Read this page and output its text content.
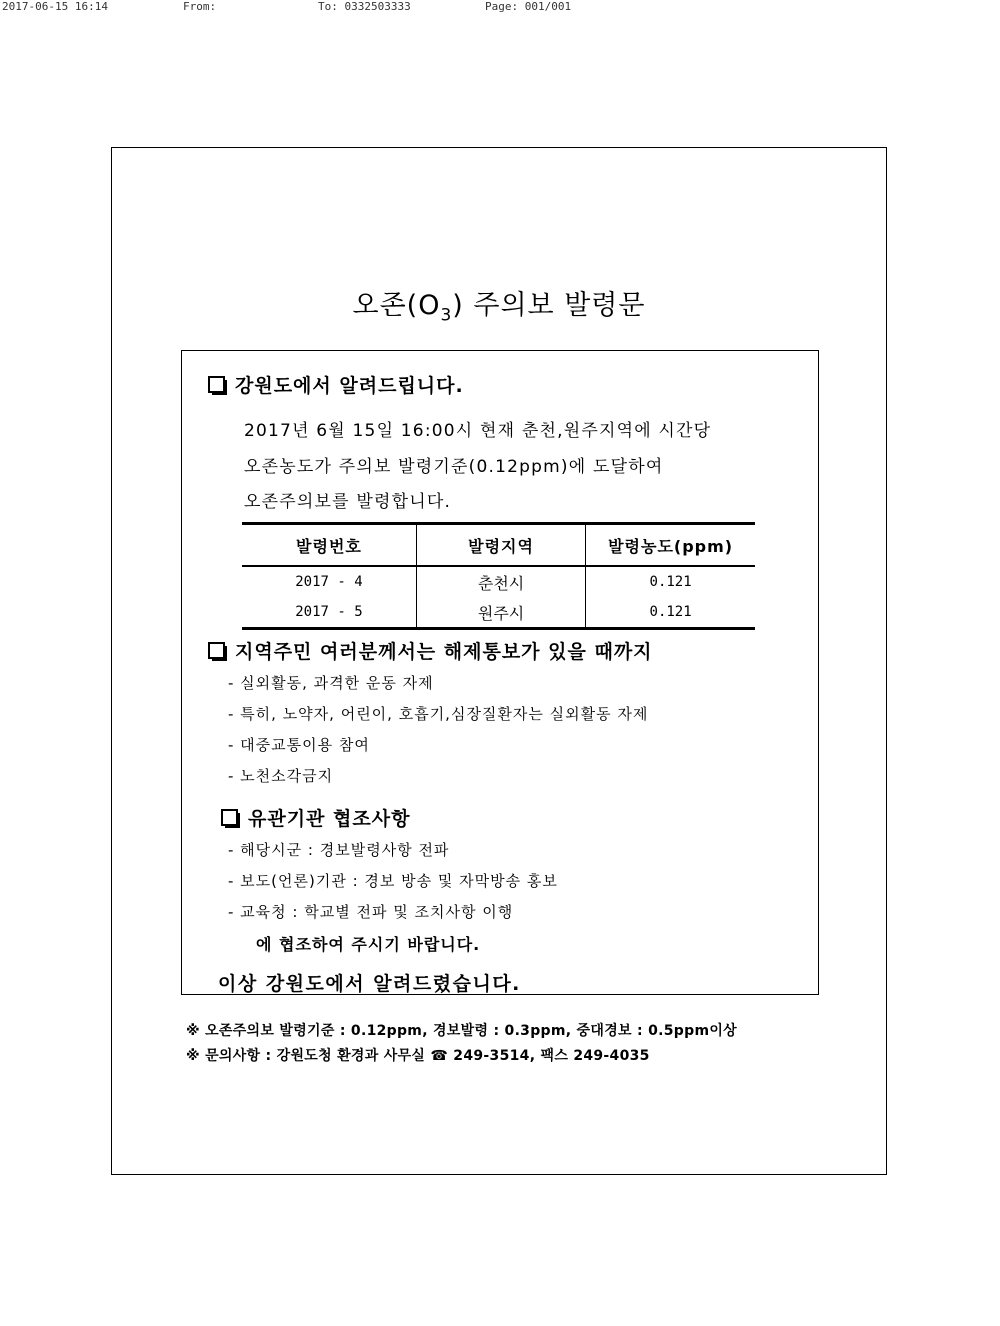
2017-06-15 16:14	From:	To: 0332503333	Page: 001/001
오존$(O_3)$ 주의보 발령문
강원도에서 알려드립니다.
2017년 6월 15일 16:00시 현재 춘천,원주지역에 시간당
오존농도가 주의보 발령기준(0.12ppm)에 도달하여
오존주의보를 발령합니다.
발령번호	발령지역	발령농도(ppm)
2017 - 4	춘천시	0.121
2017 - 5	원주시	0.121
지역주민 여러분께서는 해제통보가 있을 때까지
- 실외활동, 과격한 운동 자제
- 특히, 노약자, 어린이, 호흡기,심장질환자는 실외활동 자제
- 대중교통이용 참여
- 노천소각금지
유관기관 협조사항
- 해당시군 : 경보발령사항 전파
- 보도(언론)기관 : 경보 방송 및 자막방송 홍보
- 교육청 : 학교별 전파 및 조치사항 이행
에 협조하여 주시기 바랍니다.
이상 강원도에서 알려드렸습니다.
※ 오존주의보 발령기준 : 0.12ppm, 경보발령 : 0.3ppm, 중대경보 : 0.5ppm이상
※ 문의사항 : 강원도청 환경과 사무실 ☎ 249-3514, 팩스 249-4035
